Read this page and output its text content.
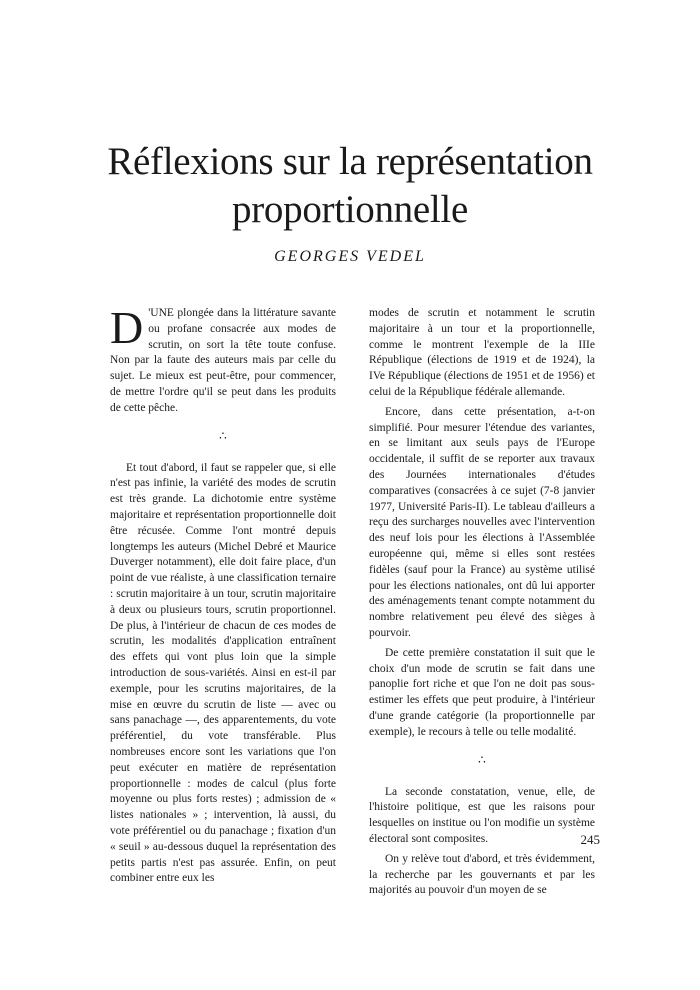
Réflexions sur la représentation proportionnelle
GEORGES VEDEL

D 'UNE plongée dans la littérature savante ou profane consacrée aux modes de scrutin, on sort la tête toute confuse. Non par la faute des auteurs mais par celle du sujet. Le mieux est peut-être, pour commencer, de mettre l'ordre qu'il se peut dans les produits de cette pêche.

∴

Et tout d'abord, il faut se rappeler que, si elle n'est pas infinie, la variété des modes de scrutin est très grande. La dichotomie entre système majoritaire et représentation proportionnelle doit être récusée. Comme l'ont montré depuis longtemps les auteurs (Michel Debré et Maurice Duverger notamment), elle doit faire place, d'un point de vue réaliste, à une classification ternaire : scrutin majoritaire à un tour, scrutin majoritaire à deux ou plusieurs tours, scrutin proportionnel. De plus, à l'intérieur de chacun de ces modes de scrutin, les modalités d'application entraînent des effets qui vont plus loin que la simple introduction de sous-variétés. Ainsi en est-il par exemple, pour les scrutins majoritaires, de la mise en œuvre du scrutin de liste — avec ou sans panachage —, des apparentements, du vote préférentiel, du vote transférable. Plus nombreuses encore sont les variations que l'on peut exécuter en matière de représentation proportionnelle : modes de calcul (plus forte moyenne ou plus forts restes) ; admission de « listes nationales » ; intervention, là aussi, du vote préférentiel ou du panachage ; fixation d'un « seuil » au-dessous duquel la représentation des petits partis n'est pas assurée. Enfin, on peut combiner entre eux les

modes de scrutin et notamment le scrutin majoritaire à un tour et la proportionnelle, comme le montrent l'exemple de la IIIe République (élections de 1919 et de 1924), la IVe République (élections de 1951 et de 1956) et celui de la République fédérale allemande.

Encore, dans cette présentation, a-t-on simplifié. Pour mesurer l'étendue des variantes, en se limitant aux seuls pays de l'Europe occidentale, il suffit de se reporter aux travaux des Journées internationales d'études comparatives (consacrées à ce sujet (7-8 janvier 1977, Université Paris-II). Le tableau d'ailleurs a reçu des surcharges nouvelles avec l'intervention des neuf lois pour les élections à l'Assemblée européenne qui, même si elles sont restées fidèles (sauf pour la France) au système utilisé pour les élections nationales, ont dû lui apporter des aménagements tenant compte notamment du nombre relativement peu élevé des sièges à pourvoir.

De cette première constatation il suit que le choix d'un mode de scrutin se fait dans une panoplie fort riche et que l'on ne doit pas sous-estimer les effets que peut produire, à l'intérieur d'une grande catégorie (la proportionnelle par exemple), le recours à telle ou telle modalité.

∴

La seconde constatation, venue, elle, de l'histoire politique, est que les raisons pour lesquelles on institue ou l'on modifie un système électoral sont composites.

On y relève tout d'abord, et très évidemment, la recherche par les gouvernants et par les majorités au pouvoir d'un moyen de se

245
